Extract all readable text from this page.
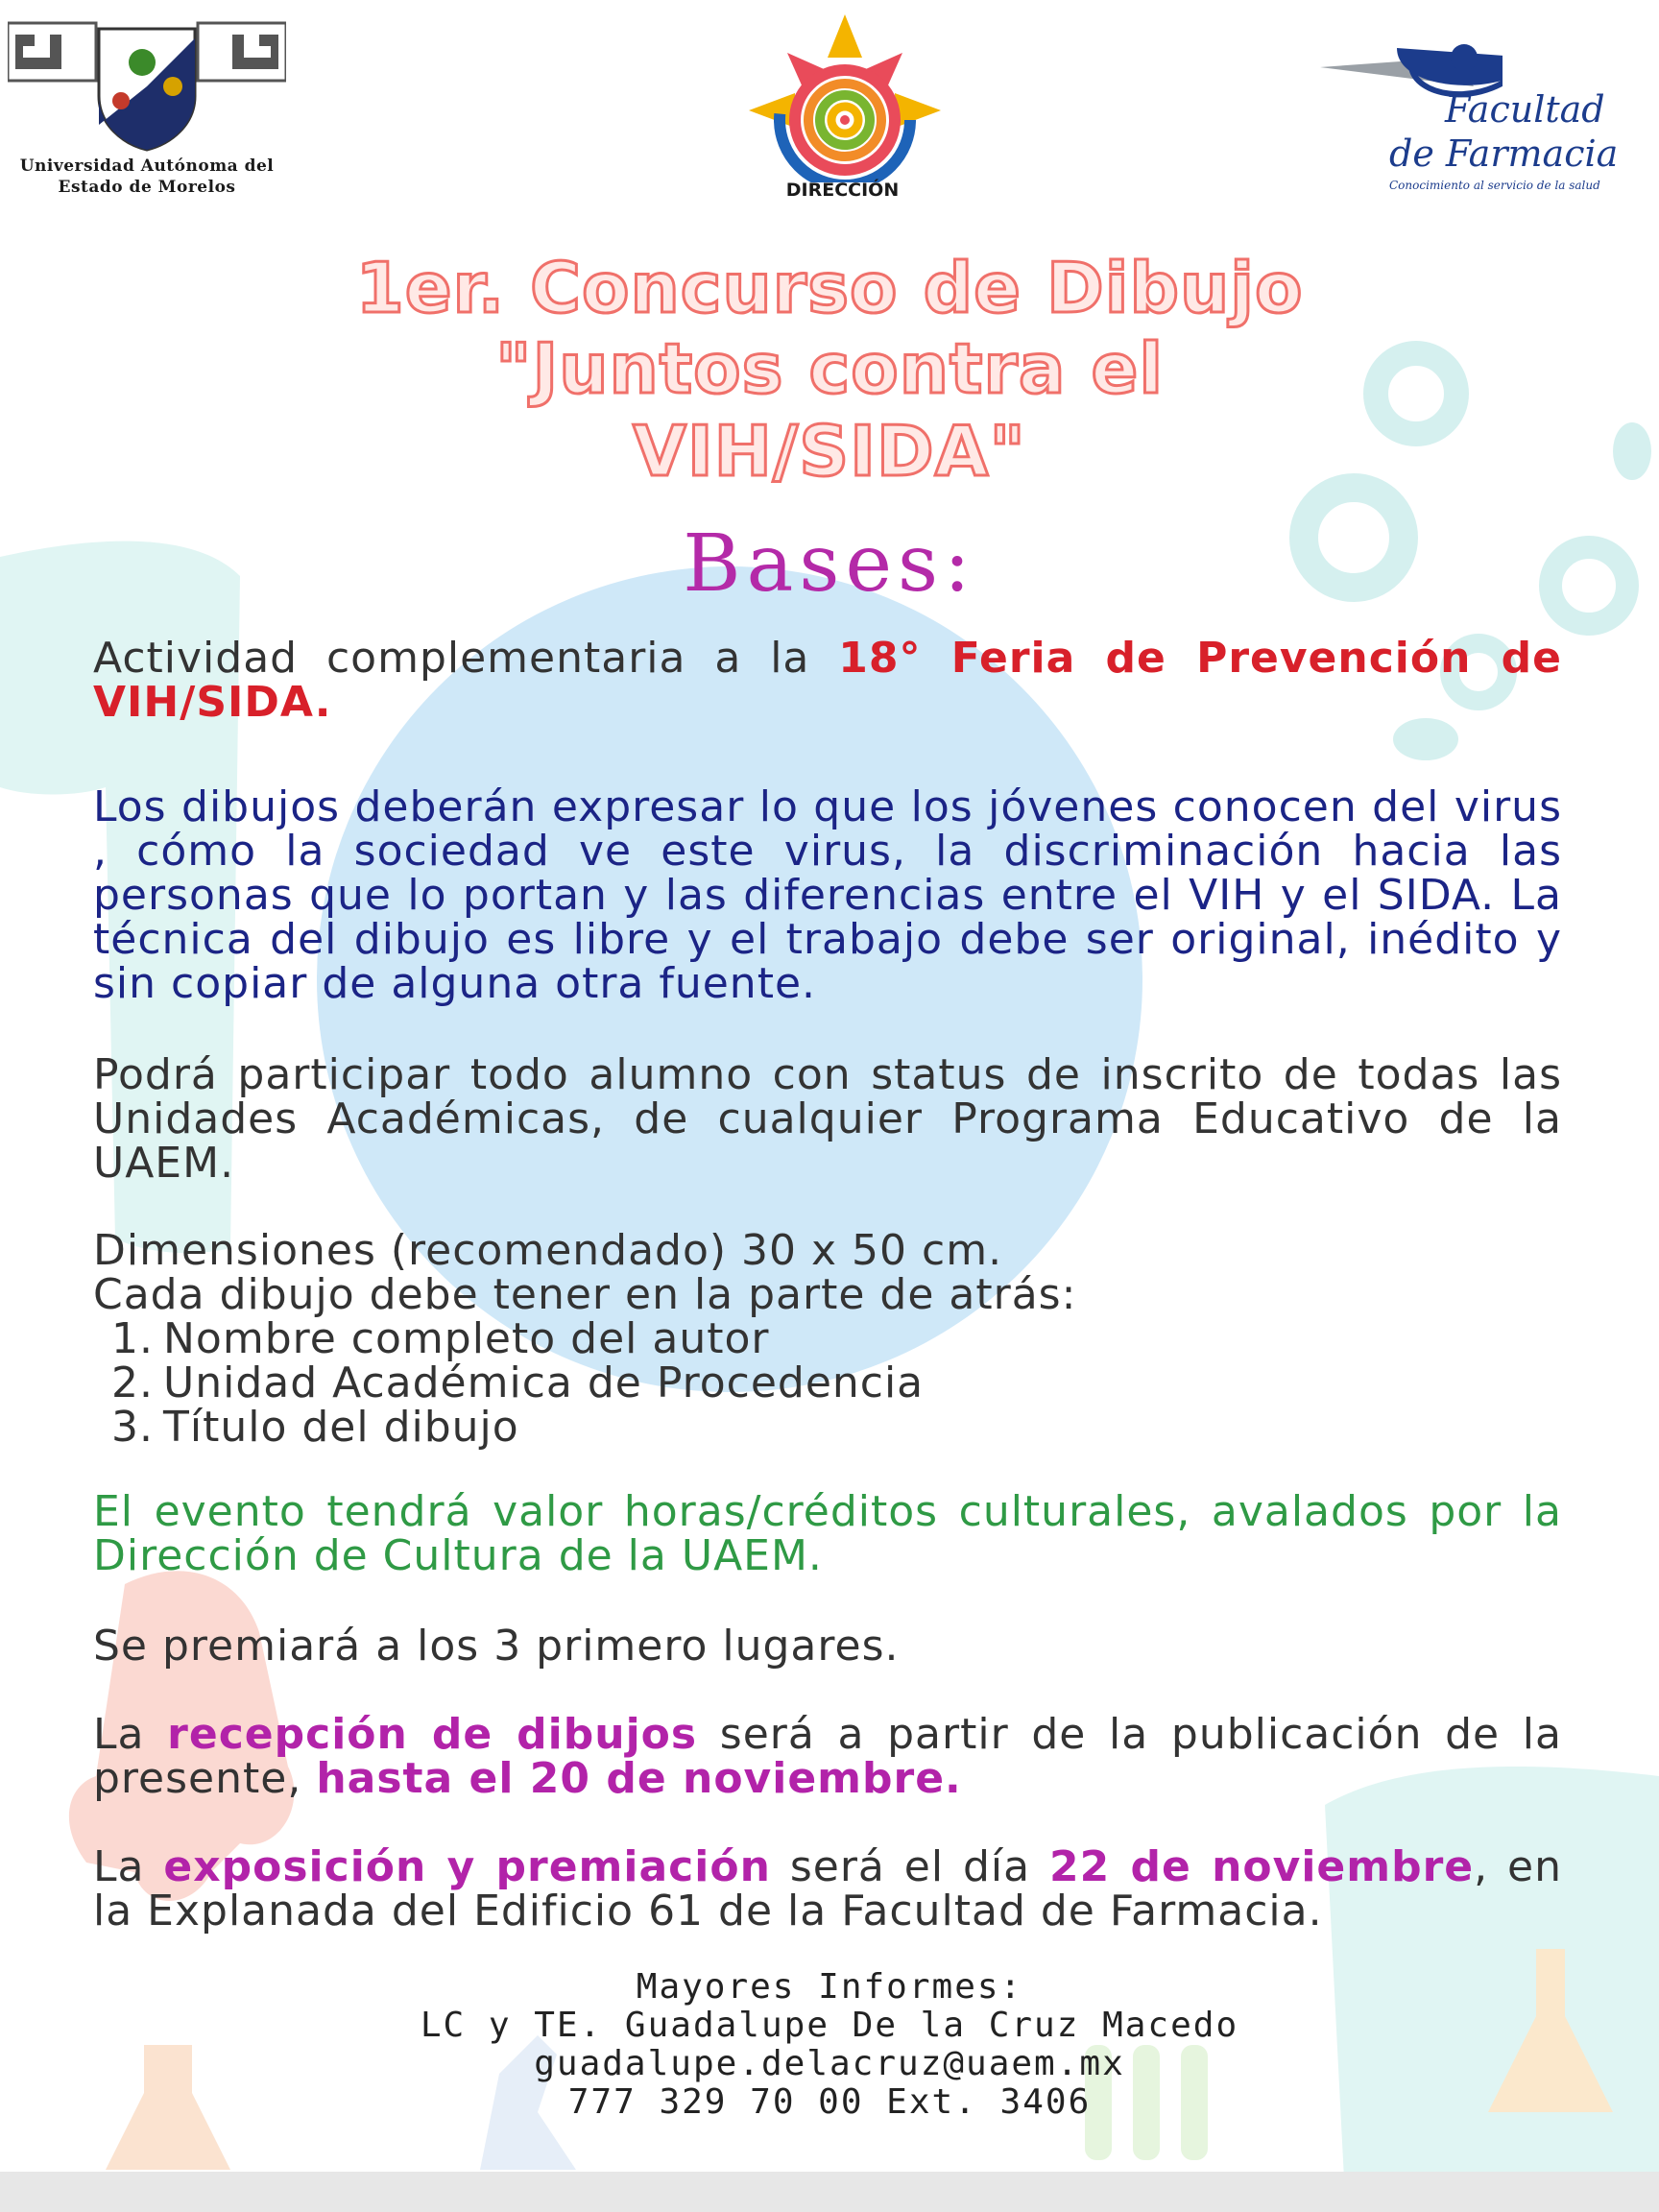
Universidad Autónoma del
Estado de Morelos	DIRECCIÓN
Facultad
de Farmacia
Conocimiento al servicio de la salud
1er. Concurso de Dibujo
"Juntos contra el
VIH/SIDA"
Bases:
Actividad complementaria a la 18° Feria de Prevención de VIH/SIDA.
Los dibujos deberán expresar lo que los jóvenes conocen del virus , cómo la sociedad ve este virus, la discriminación hacia las personas que lo portan y las diferencias entre el VIH y el SIDA. La técnica del dibujo es libre y el trabajo debe ser original, inédito y sin copiar de alguna otra fuente.
Podrá participar todo alumno con status de inscrito de todas las Unidades Académicas, de cualquier Programa Educativo de la UAEM.
Dimensiones (recomendado) 30 x 50 cm.
Cada dibujo debe tener en la parte de atrás:
1. Nombre completo del autor
2. Unidad Académica de Procedencia
3. Título del dibujo
El evento tendrá valor horas/créditos culturales, avalados por la Dirección de Cultura de la UAEM.
Se premiará a los 3 primero lugares.
La recepción de dibujos será a partir de la publicación de la presente, hasta el 20 de noviembre.
La exposición y premiación será el día 22 de noviembre, en la Explanada del Edificio 61 de la Facultad de Farmacia.
Mayores Informes:
LC y TE. Guadalupe De la Cruz Macedo
guadalupe.delacruz@uaem.mx
777 329 70 00 Ext. 3406
